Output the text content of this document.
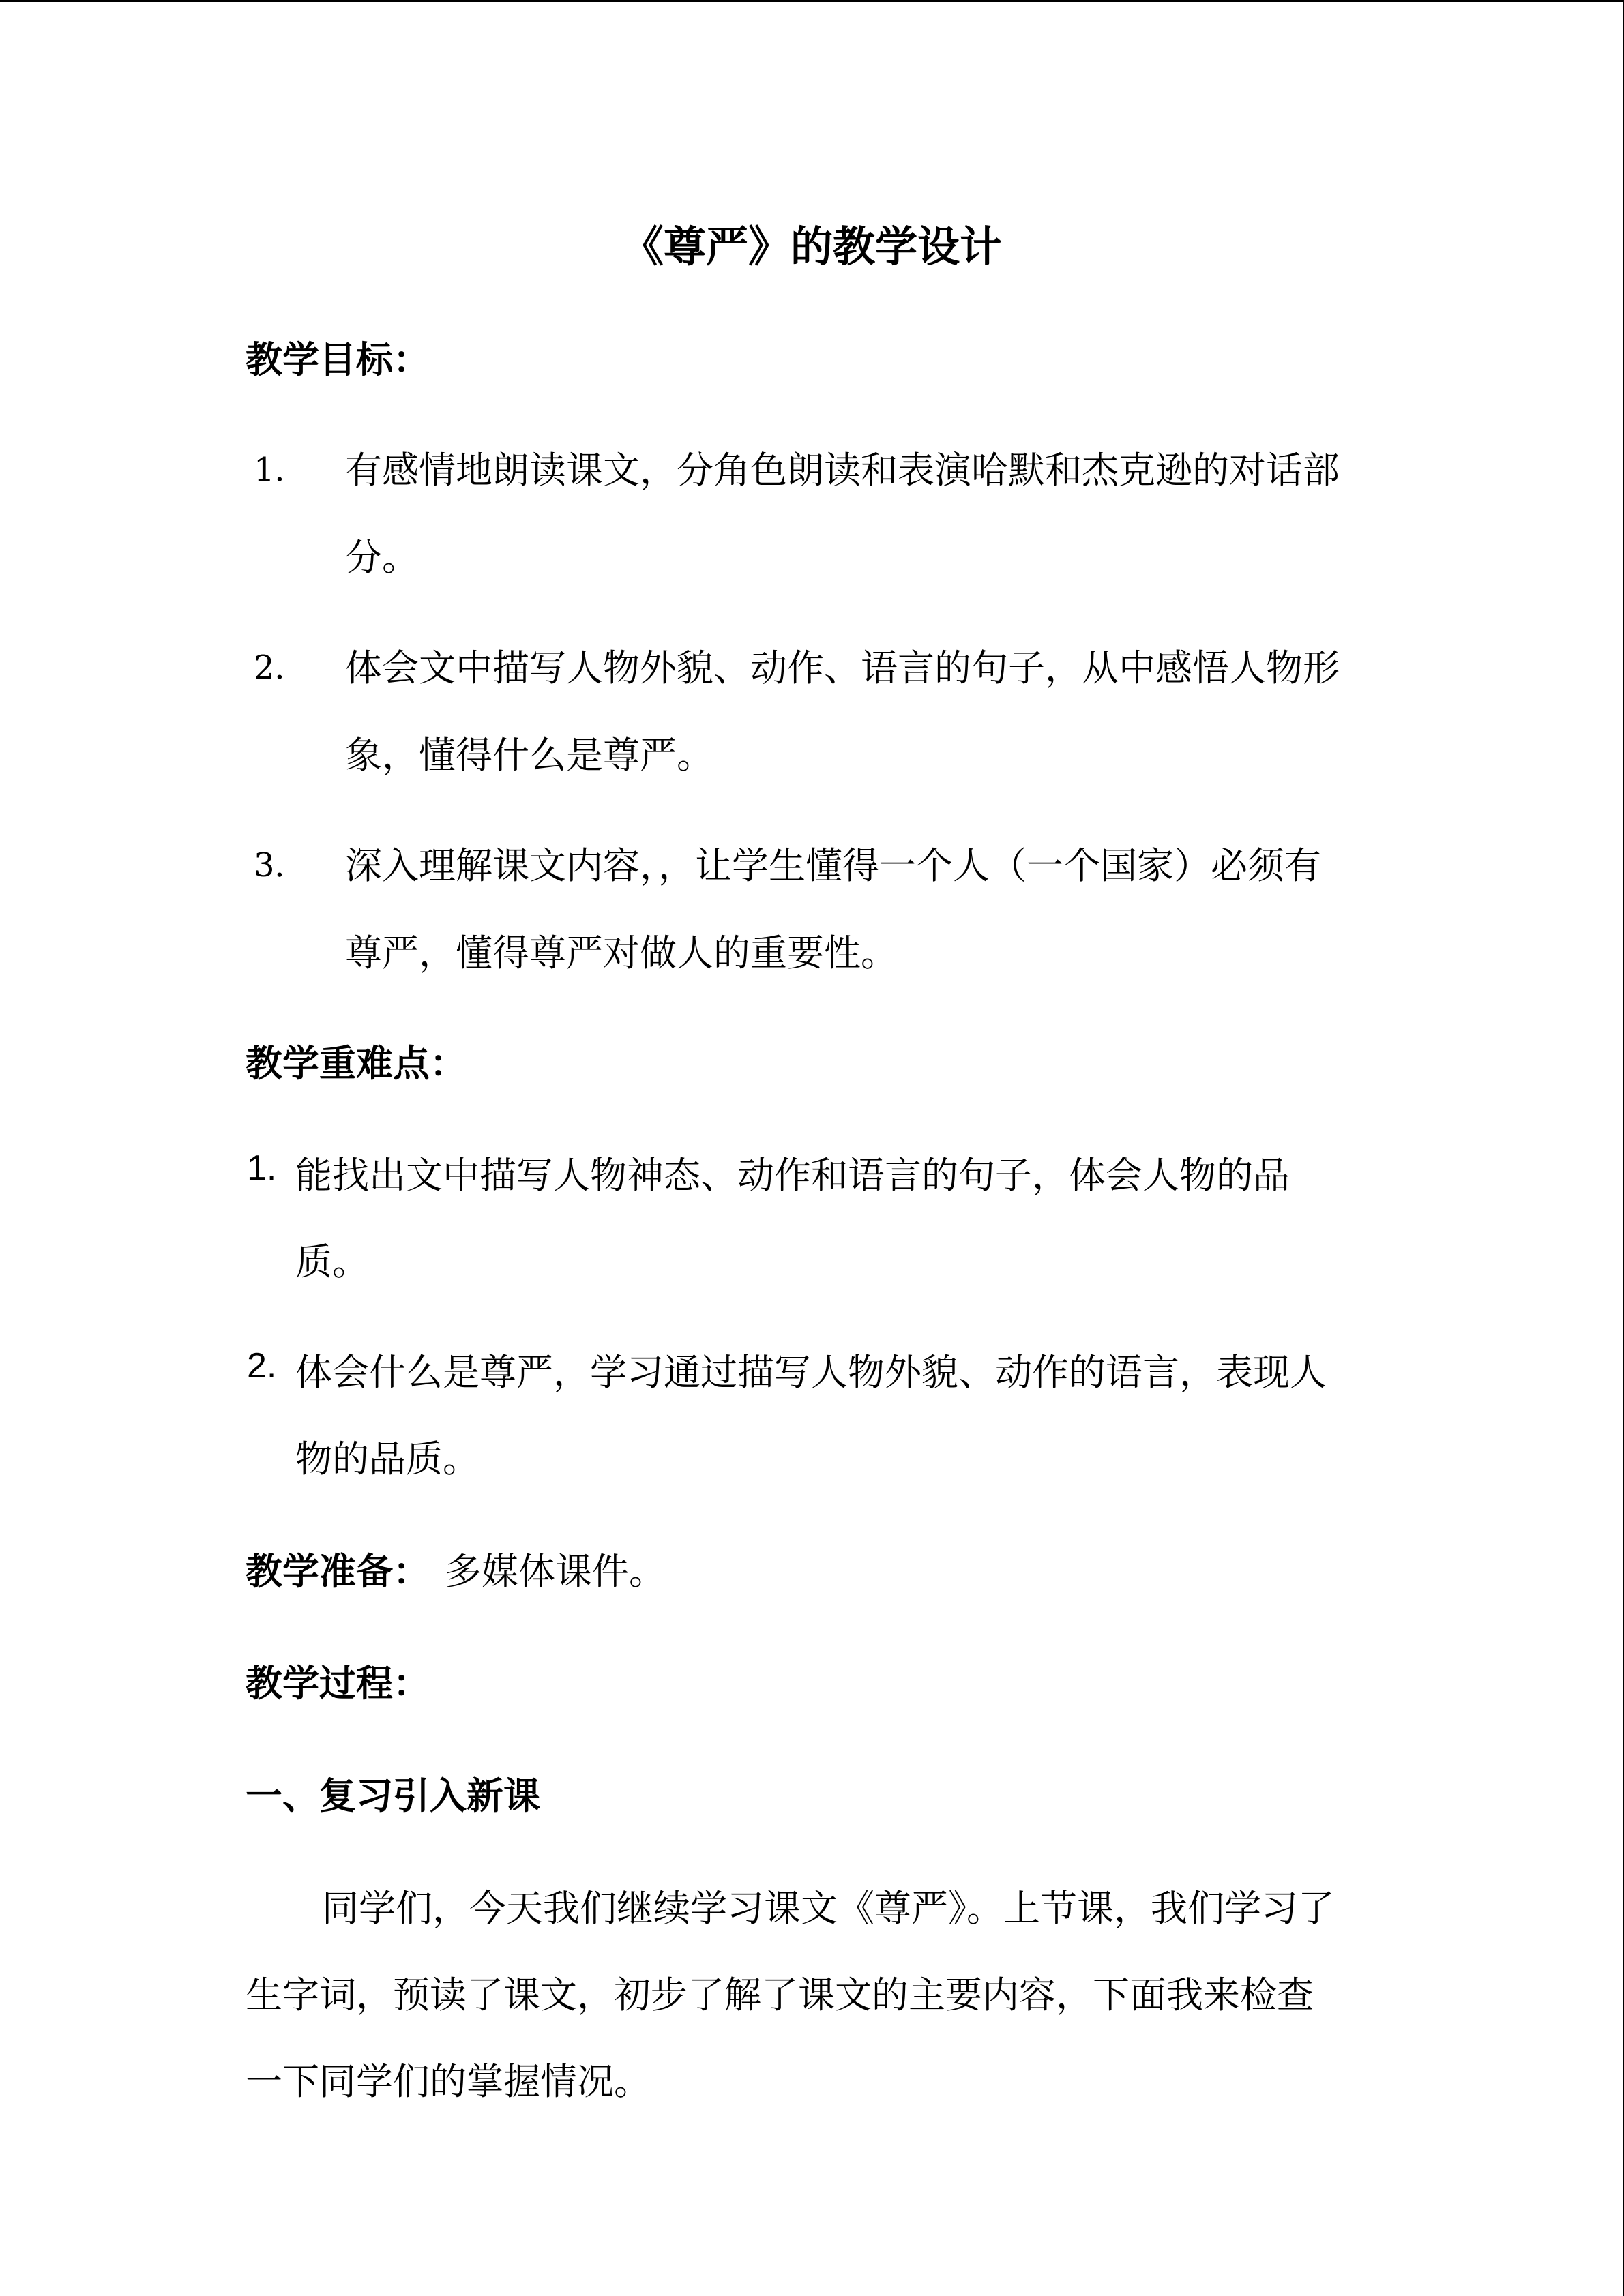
《尊严》的教学设计
教学目标：
1． 有感情地朗读课文，分角色朗读和表演哈默和杰克逊的对话部
分。
2． 体会文中描写人物外貌、动作、语言的句子，从中感悟人物形
象，懂得什么是尊严。
3． 深入理解课文内容，，让学生懂得一个人（一个国家）必须有
尊严，懂得尊严对做人的重要性。
教学重难点：
1. 能找出文中描写人物神态、动作和语言的句子，体会人物的品
质。
2. 体会什么是尊严，学习通过描写人物外貌、动作的语言，表现人
物的品质。
教学准备： 多媒体课件。
教学过程：
一、复习引入新课
同学们，今天我们继续学习课文《尊严》。上节课，我们学习了
生字词，预读了课文，初步了解了课文的主要内容，下面我来检查
一下同学们的掌握情况。
